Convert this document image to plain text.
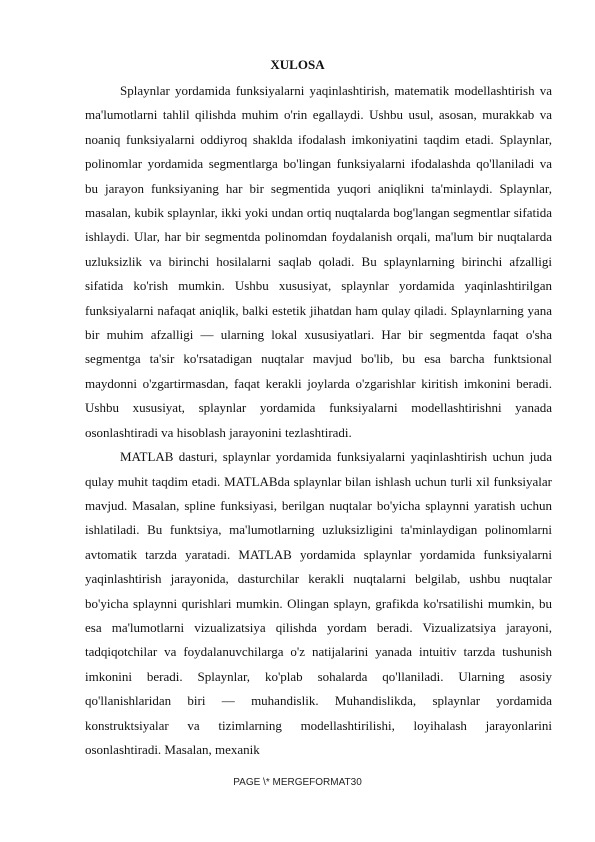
XULOSA

Splaynlar yordamida funksiyalarni yaqinlashtirish, matematik modellashtirish va ma'lumotlarni tahlil qilishda muhim o'rin egallaydi. Ushbu usul, asosan, murakkab va noaniq funksiyalarni oddiyroq shaklda ifodalash imkoniyatini taqdim etadi. Splaynlar, polinomlar yordamida segmentlarga bo'lingan funksiyalarni ifodalashda qo'llaniladi va bu jarayon funksiyaning har bir segmentida yuqori aniqlikni ta'minlaydi. Splaynlar, masalan, kubik splaynlar, ikki yoki undan ortiq nuqtalarda bog'langan segmentlar sifatida ishlaydi. Ular, har bir segmentda polinomdan foydalanish orqali, ma'lum bir nuqtalarda uzluksizlik va birinchi hosilalarni saqlab qoladi. Bu splaynlarning birinchi afzalligi sifatida ko'rish mumkin. Ushbu xususiyat, splaynlar yordamida yaqinlashtirilgan funksiyalarni nafaqat aniqlik, balki estetik jihatdan ham qulay qiladi. Splaynlarning yana bir muhim afzalligi — ularning lokal xususiyatlari. Har bir segmentda faqat o'sha segmentga ta'sir ko'rsatadigan nuqtalar mavjud bo'lib, bu esa barcha funktsional maydonni o'zgartirmasdan, faqat kerakli joylarda o'zgarishlar kiritish imkonini beradi. Ushbu xususiyat, splaynlar yordamida funksiyalarni modellashtirishni yanada osonlashtiradi va hisoblash jarayonini tezlashtiradi.

MATLAB dasturi, splaynlar yordamida funksiyalarni yaqinlashtirish uchun juda qulay muhit taqdim etadi. MATLABda splaynlar bilan ishlash uchun turli xil funksiyalar mavjud. Masalan, spline funksiyasi, berilgan nuqtalar bo'yicha splaynni yaratish uchun ishlatiladi. Bu funktsiya, ma'lumotlarning uzluksizligini ta'minlaydigan polinomlarni avtomatik tarzda yaratadi. MATLAB yordamida splaynlar yordamida funksiyalarni yaqinlashtirish jarayonida, dasturchilar kerakli nuqtalarni belgilab, ushbu nuqtalar bo'yicha splaynni qurishlari mumkin. Olingan splayn, grafikda ko'rsatilishi mumkin, bu esa ma'lumotlarni vizualizatsiya qilishda yordam beradi. Vizualizatsiya jarayoni, tadqiqotchilar va foydalanuvchilarga o'z natijalarini yanada intuitiv tarzda tushunish imkonini beradi. Splaynlar, ko'plab sohalarda qo'llaniladi. Ularning asosiy qo'llanishlaridan biri — muhandislik. Muhandislikda, splaynlar yordamida konstruktsiyalar va tizimlarning modellashtirilishi, loyihalash jarayonlarini osonlashtiradi. Masalan, mexanik

PAGE \* MERGEFORMAT30
